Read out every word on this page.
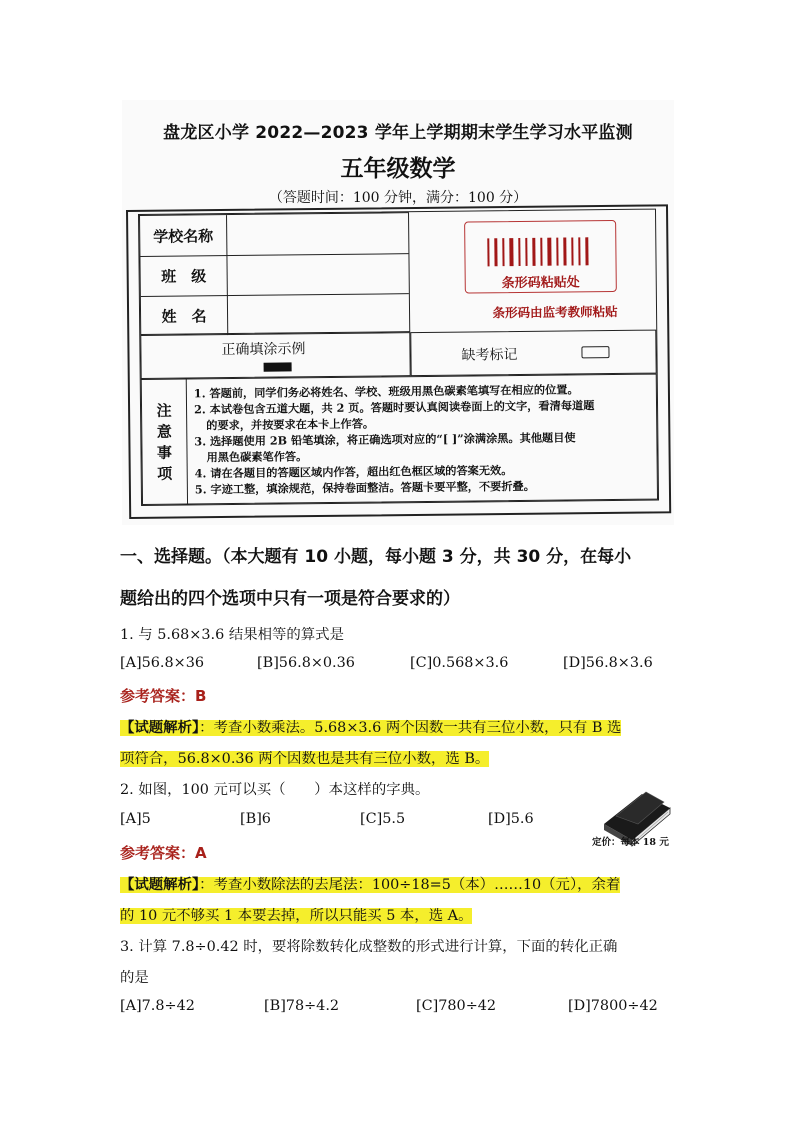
盘龙区小学 2022—2023 学年上学期期末学生学习水平监测
五年级数学
（答题时间：100 分钟，满分：100 分）
学校名称
班　级
姓　名
条形码粘贴处
条形码由监考教师粘贴
正确填涂示例	缺考标记
注
意
事
项
1. 答题前，同学们务必将姓名、学校、班级用黑色碳素笔填写在相应的位置。
2. 本试卷包含五道大题，共 2 页。答题时要认真阅读卷面上的文字，看清每道题
的要求，并按要求在本卡上作答。
3. 选择题使用 2B 铅笔填涂，将正确选项对应的“[ ]”涂满涂黑。其他题目使
用黑色碳素笔作答。
4. 请在各题目的答题区域内作答，超出红色框区域的答案无效。
5. 字迹工整，填涂规范，保持卷面整洁。答题卡要平整，不要折叠。
一、选择题。（本大题有 10 小题，每小题 3 分，共 30 分，在每小
题给出的四个选项中只有一项是符合要求的）
1. 与 5.68×3.6 结果相等的算式是
[A]56.8×36	[B]56.8×0.36	[C]0.568×3.6	[D]56.8×3.6
参考答案：B
【试题解析】：考查小数乘法。5.68×3.6 两个因数一共有三位小数，只有 B 选
项符合，56.8×0.36 两个因数也是共有三位小数，选 B。
2. 如图，100 元可以买（　　）本这样的字典。
[A]5	[B]6	[C]5.5	[D]5.6
定价：每本 18 元
参考答案：A
【试题解析】：考查小数除法的去尾法：100÷18=5（本）……10（元），余着
的 10 元不够买 1 本要去掉，所以只能买 5 本，选 A。
3. 计算 7.8÷0.42 时，要将除数转化成整数的形式进行计算，下面的转化正确
的是
[A]7.8÷42	[B]78÷4.2	[C]780÷42	[D]7800÷42
